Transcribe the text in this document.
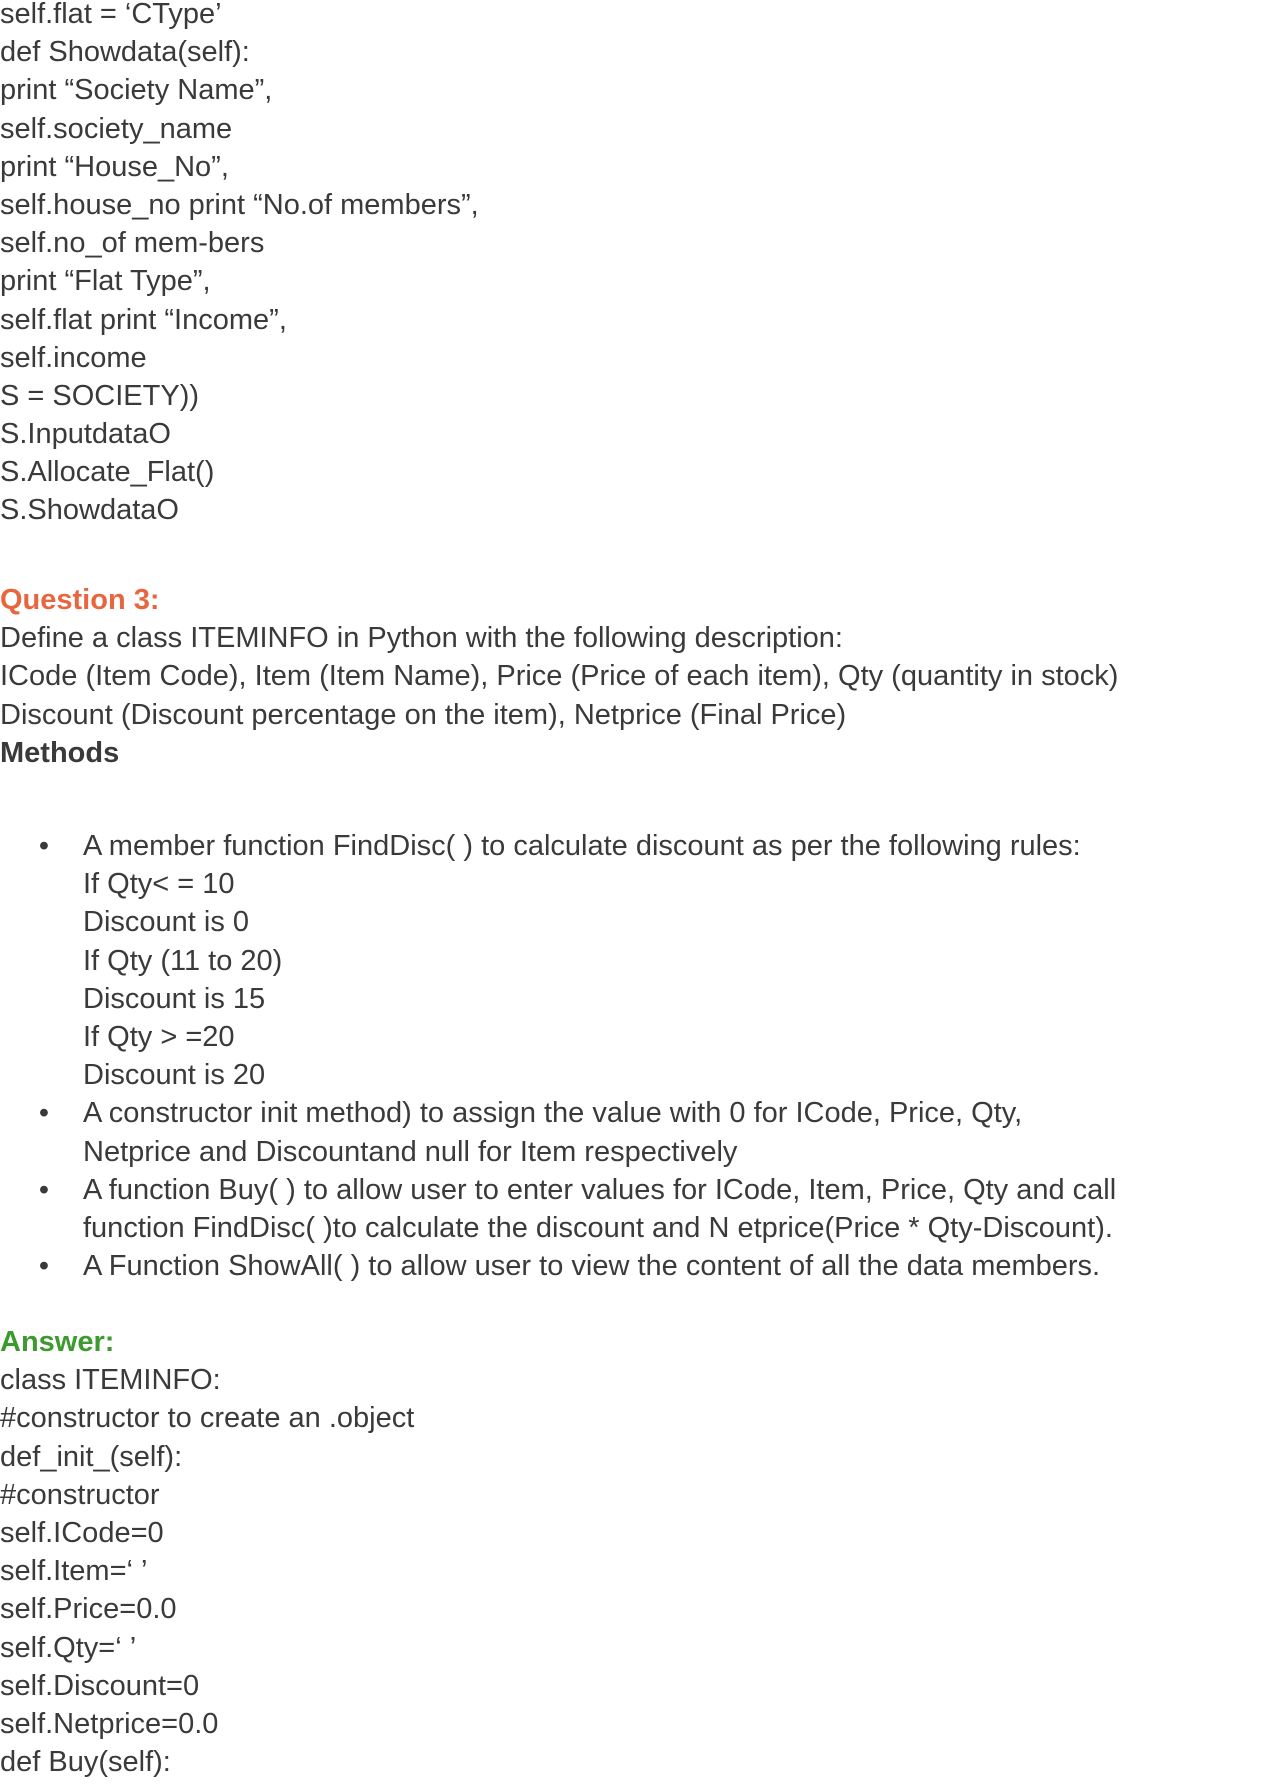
self.flat = ‘CType’
def Showdata(self):
print “Society Name”,
self.society_name
print “House_No”,
self.house_no print “No.of members”,
self.no_of mem-bers
print “Flat Type”,
self.flat print “Income”,
self.income
S = SOCIETY))
S.InputdataO
S.Allocate_Flat()
S.ShowdataO
Question 3:
Define a class ITEMINFO in Python with the following description:
ICode (Item Code), Item (Item Name), Price (Price of each item), Qty (quantity in stock)
Discount (Discount percentage on the item), Netprice (Final Price)
Methods
• A member function FindDisc( ) to calculate discount as per the following rules:
If Qty< = 10
Discount is 0
If Qty (11 to 20)
Discount is 15
If Qty > =20
Discount is 20
• A constructor init method) to assign the value with 0 for ICode, Price, Qty,
Netprice and Discountand null for Item respectively
• A function Buy( ) to allow user to enter values for ICode, Item, Price, Qty and call
function FindDisc( )to calculate the discount and N etprice(Price * Qty-Discount).
• A Function ShowAll( ) to allow user to view the content of all the data members.
Answer:
class ITEMINFO:
#constructor to create an .object
def_init_(self):
#constructor
self.ICode=0
self.Item=‘ ’
self.Price=0.0
self.Qty=‘ ’
self.Discount=0
self.Netprice=0.0
def Buy(self):
